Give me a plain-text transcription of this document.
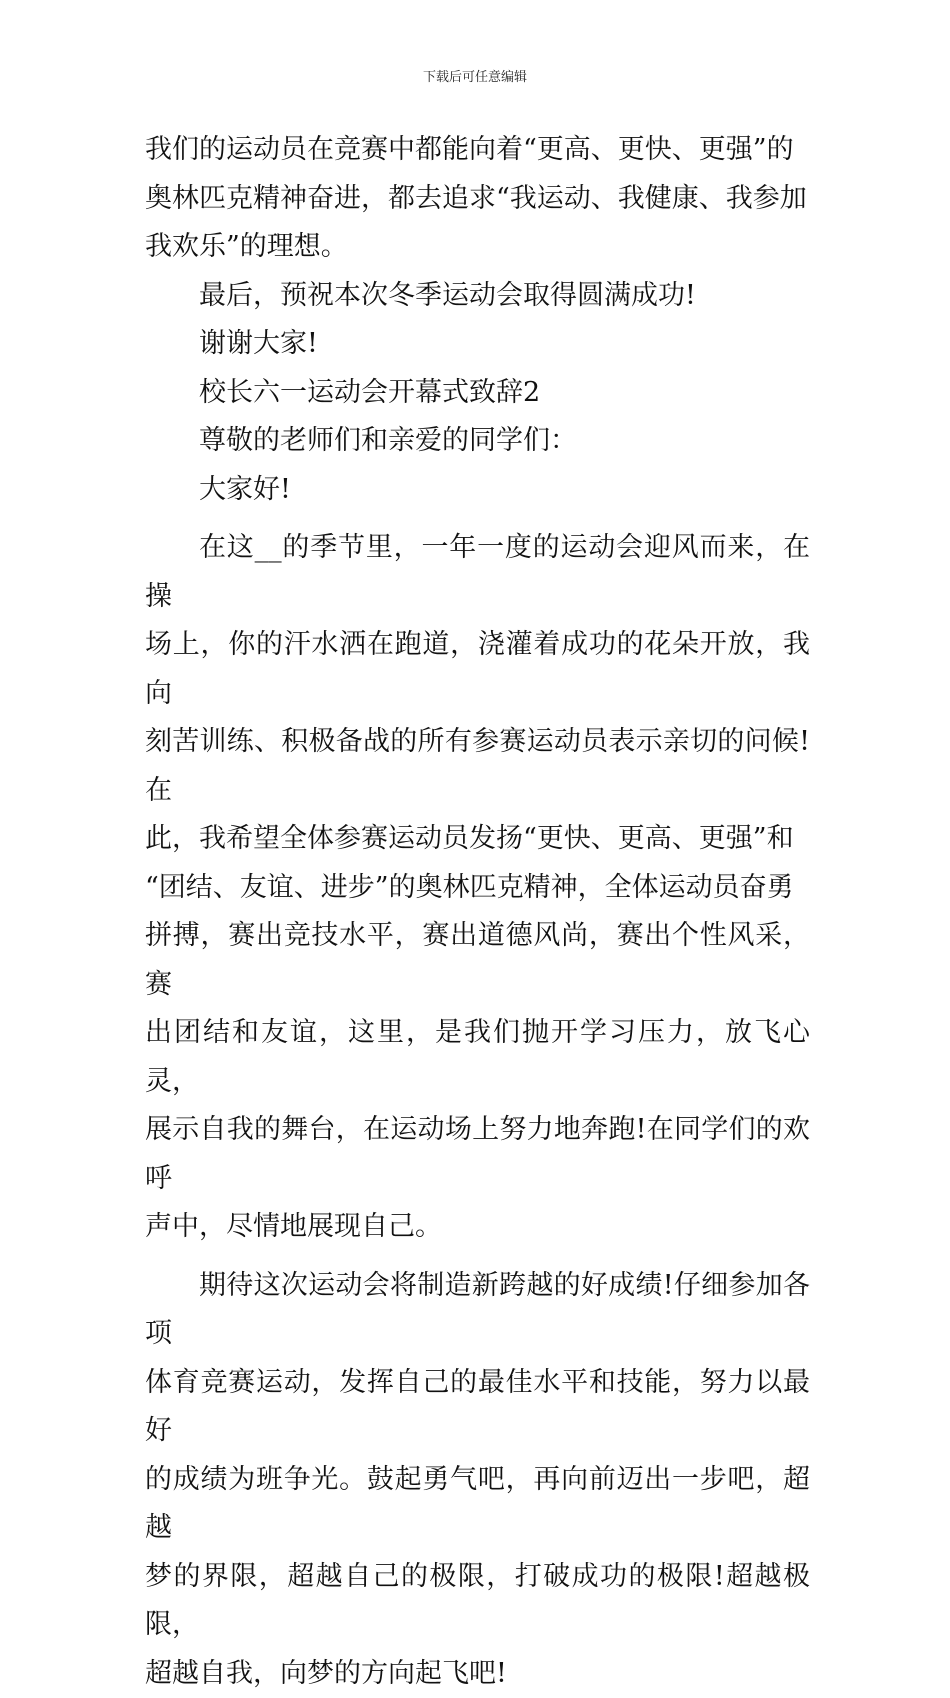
下载后可任意编辑

我们的运动员在竞赛中都能向着“更高、更快、更强”的
奥林匹克精神奋进，都去追求“我运动、我健康、我参加
我欢乐”的理想。

最后，预祝本次冬季运动会取得圆满成功!

谢谢大家!

校长六一运动会开幕式致辞2

尊敬的老师们和亲爱的同学们：

大家好!

在这__的季节里，一年一度的运动会迎风而来，在操
场上，你的汗水洒在跑道，浇灌着成功的花朵开放，我向
刻苦训练、积极备战的所有参赛运动员表示亲切的问候!在
此，我希望全体参赛运动员发扬“更快、更高、更强”和
“团结、友谊、进步”的奥林匹克精神，全体运动员奋勇
拼搏，赛出竞技水平，赛出道德风尚，赛出个性风采，赛
出团结和友谊，这里，是我们抛开学习压力，放飞心灵，
展示自我的舞台，在运动场上努力地奔跑!在同学们的欢呼
声中，尽情地展现自己。

期待这次运动会将制造新跨越的好成绩!仔细参加各项
体育竞赛运动，发挥自己的最佳水平和技能，努力以最好
的成绩为班争光。鼓起勇气吧，再向前迈出一步吧，超越
梦的界限，超越自己的极限，打破成功的极限!超越极限，
超越自我，向梦的方向起飞吧!
